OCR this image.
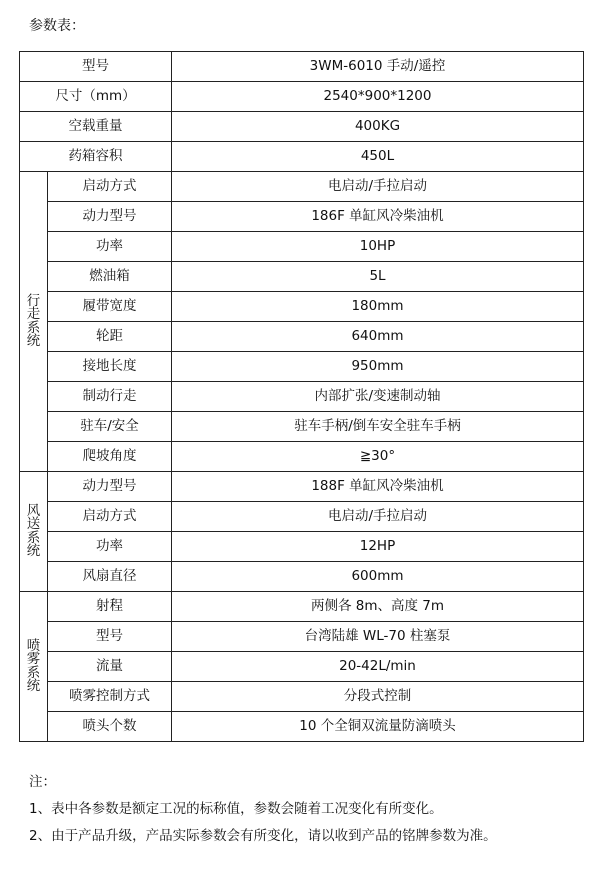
参数表：
型号		3WM-6010 手动/遥控
尺寸（mm）		2540*900*1200
空载重量		400KG
药箱容积		450L

行
走
系
统	启动方式	电启动/手拉启动
	动力型号	186F 单缸风冷柴油机
	功率	10HP
	燃油箱	5L
	履带宽度	180mm
	轮距	640mm
	接地长度	950mm
	制动行走	内部扩张/变速制动轴
	驻车/安全	驻车手柄/倒车安全驻车手柄
	爬坡角度	≧30°

风
送
系
统	动力型号	188F 单缸风冷柴油机
	启动方式	电启动/手拉启动
	功率	12HP
	风扇直径	600mm

喷
雾
系
统	射程	两侧各 8m、高度 7m
	型号	台湾陆雄 WL-70 柱塞泵
	流量	20-42L/min
	喷雾控制方式	分段式控制
	喷头个数	10 个全铜双流量防滴喷头
注：
1、表中各参数是额定工况的标称值，参数会随着工况变化有所变化。
2、由于产品升级，产品实际参数会有所变化，请以收到产品的铭牌参数为准。
